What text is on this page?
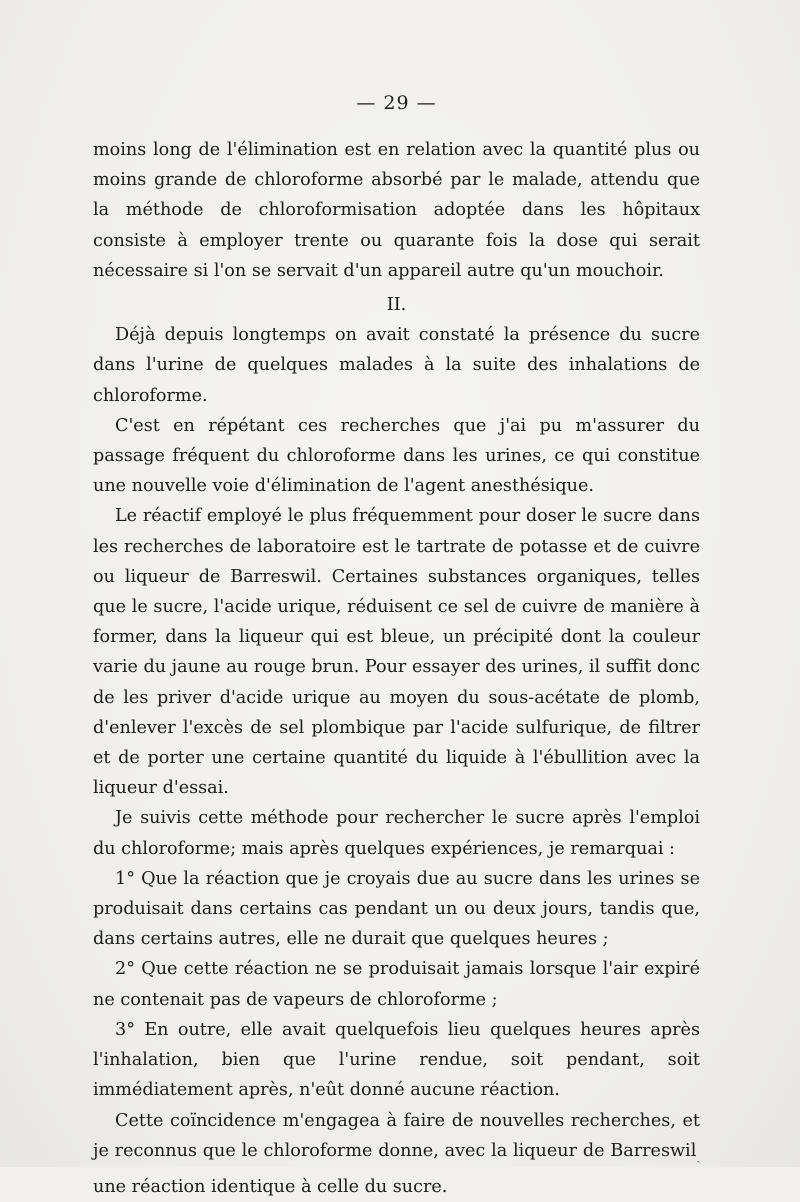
— 29 —

moins long de l'élimination est en relation avec la quantité plus ou moins grande de chloroforme absorbé par le malade, attendu que la méthode de chloroformisation adoptée dans les hôpitaux consiste à employer trente ou quarante fois la dose qui serait nécessaire si l'on se servait d'un appareil autre qu'un mouchoir.

II.

Déjà depuis longtemps on avait constaté la présence du sucre dans l'urine de quelques malades à la suite des inhalations de chloroforme.

C'est en répétant ces recherches que j'ai pu m'assurer du passage fréquent du chloroforme dans les urines, ce qui constitue une nouvelle voie d'élimination de l'agent anesthésique.

Le réactif employé le plus fréquemment pour doser le sucre dans les recherches de laboratoire est le tartrate de potasse et de cuivre ou liqueur de Barreswil. Certaines substances organiques, telles que le sucre, l'acide urique, réduisent ce sel de cuivre de manière à former, dans la liqueur qui est bleue, un précipité dont la couleur varie du jaune au rouge brun. Pour essayer des urines, il suffit donc de les priver d'acide urique au moyen du sous-acétate de plomb, d'enlever l'excès de sel plombique par l'acide sulfurique, de filtrer et de porter une certaine quantité du liquide à l'ébullition avec la liqueur d'essai.

Je suivis cette méthode pour rechercher le sucre après l'emploi du chloroforme; mais après quelques expériences, je remarquai :

1° Que la réaction que je croyais due au sucre dans les urines se produisait dans certains cas pendant un ou deux jours, tandis que, dans certains autres, elle ne durait que quelques heures ;

2° Que cette réaction ne se produisait jamais lorsque l'air expiré ne contenait pas de vapeurs de chloroforme ;

3° En outre, elle avait quelquefois lieu quelques heures après l'inhalation, bien que l'urine rendue, soit pendant, soit immédiatement après, n'eût donné aucune réaction.

Cette coïncidence m'engagea à faire de nouvelles recherches, et je reconnus que le chloroforme donne, avec la liqueur de Barreswil$_ˏ$ une réaction identique à celle du sucre.
